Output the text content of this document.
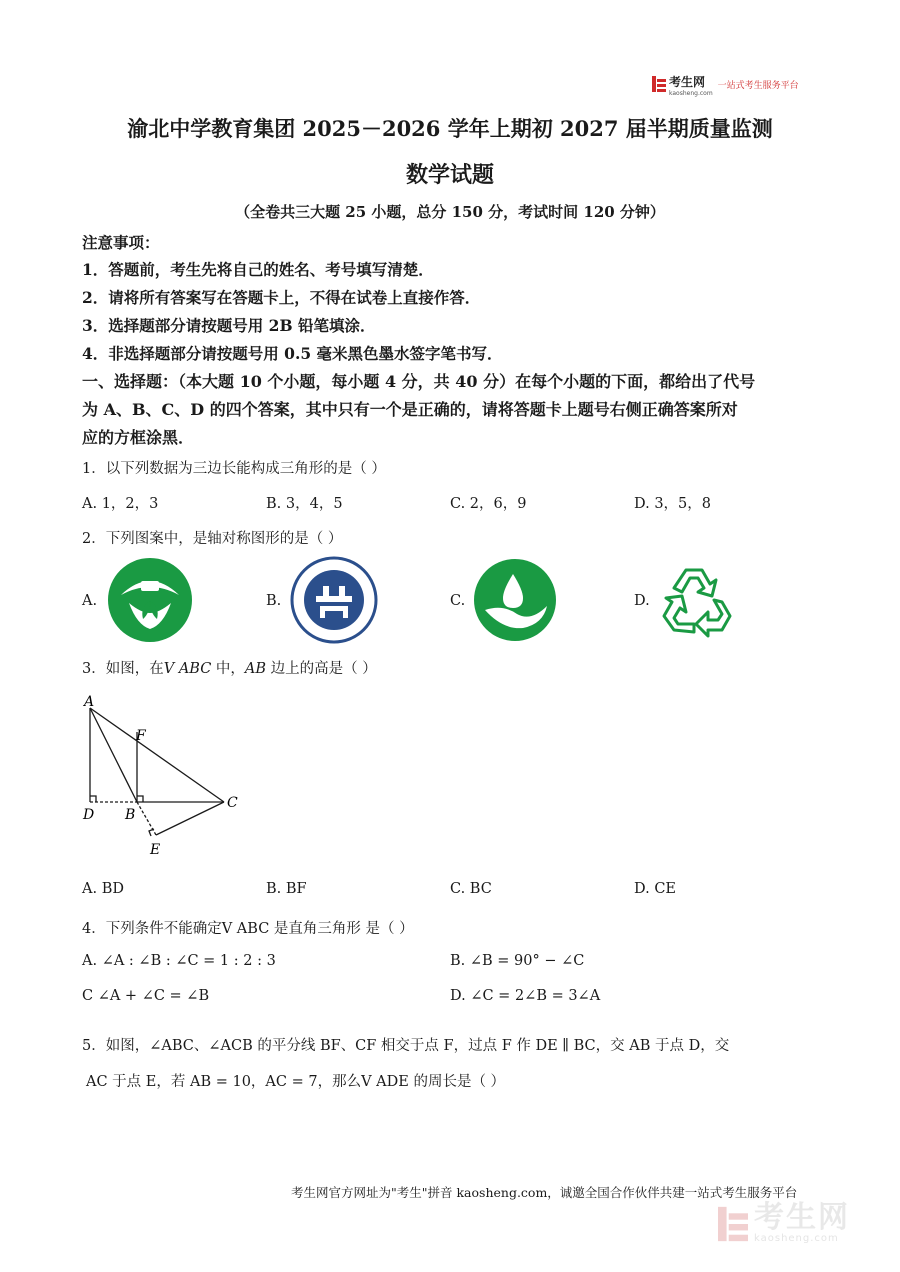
考生网
kaosheng.com
一站式考生服务平台
渝北中学教育集团 2025－2026 学年上期初 2027 届半期质量监测
数学试题
（全卷共三大题 25 小题，总分 150 分，考试时间 120 分钟）
注意事项：
1．答题前，考生先将自己的姓名、考号填写清楚．
2．请将所有答案写在答题卡上，不得在试卷上直接作答．
3．选择题部分请按题号用 2B 铅笔填涂．
4．非选择题部分请按题号用 0.5 毫米黑色墨水签字笔书写．
一、选择题：（本大题 10 个小题，每小题 4 分，共 40 分）在每个小题的下面，都给出了代号
为 A、B、C、D 的四个答案，其中只有一个是正确的，请将答题卡上题号右侧正确答案所对
应的方框涂黑．
1．以下列数据为三边长能构成三角形的是（ ）
A. 1，2，3	B. 3，4，5	C. 2，6，9	D. 3，5，8
2．下列图案中，是轴对称图形的是（ ）
A.	B.	C.	D.
3．如图，在V ABC 中，AB 边上的高是（ ）
A
F
C
D B
E
A. BD	B. BF	C. BC	D. CE
4．下列条件不能确定V ABC 是直角三角形 是（ ）
A. ∠A : ∠B : ∠C = 1 : 2 : 3	B. ∠B = 90° − ∠C
C ∠A + ∠C = ∠B	D. ∠C = 2∠B = 3∠A
5．如图，∠ABC、∠ACB 的平分线 BF、CF 相交于点 F，过点 F 作 DE ∥ BC，交 AB 于点 D，交
AC 于点 E，若 AB = 10，AC = 7，那么V ADE 的周长是（ ）
考生网官方网址为"考生"拼音 kaosheng.com，诚邀全国合作伙伴共建一站式考生服务平台
考生网
kaosheng.com
